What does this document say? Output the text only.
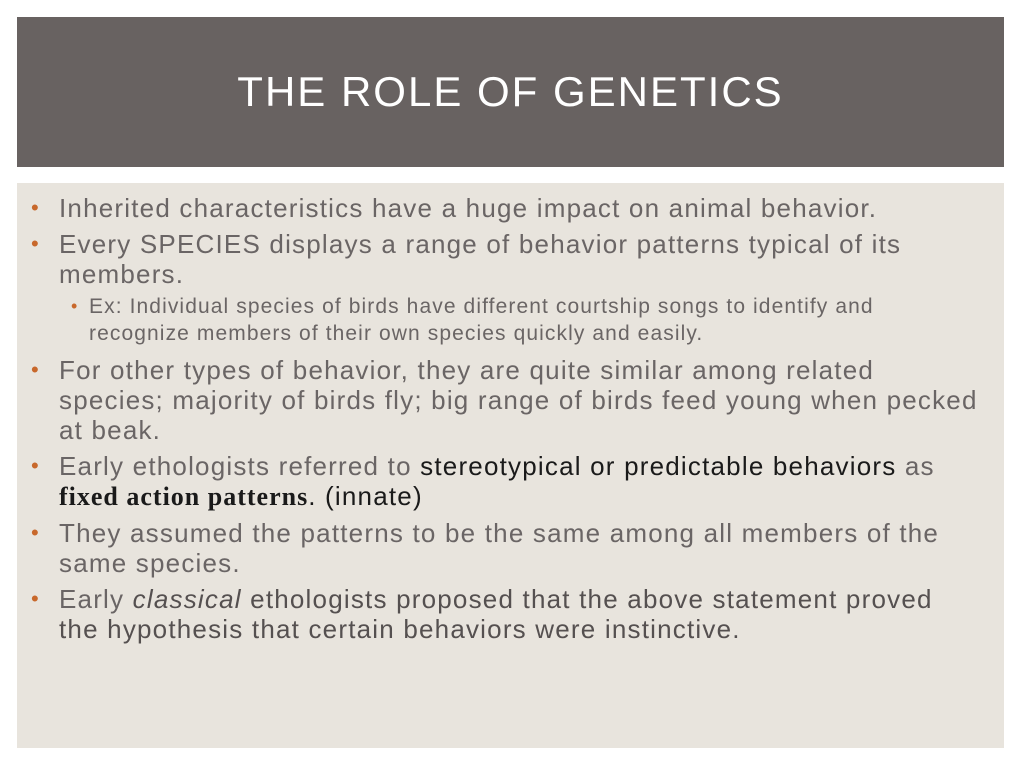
THE ROLE OF GENETICS
• Inherited characteristics have a huge impact on animal behavior.
• Every SPECIES displays a range of behavior patterns typical of its members.
• Ex: Individual species of birds have different courtship songs to identify and recognize members of their own species quickly and easily.
• For other types of behavior, they are quite similar among related species; majority of birds fly; big range of birds feed young when pecked at beak.
• Early ethologists referred to stereotypical or predictable behaviors as fixed action patterns. (innate)
• They assumed the patterns to be the same among all members of the same species.
• Early classical ethologists proposed that the above statement proved the hypothesis that certain behaviors were instinctive.
